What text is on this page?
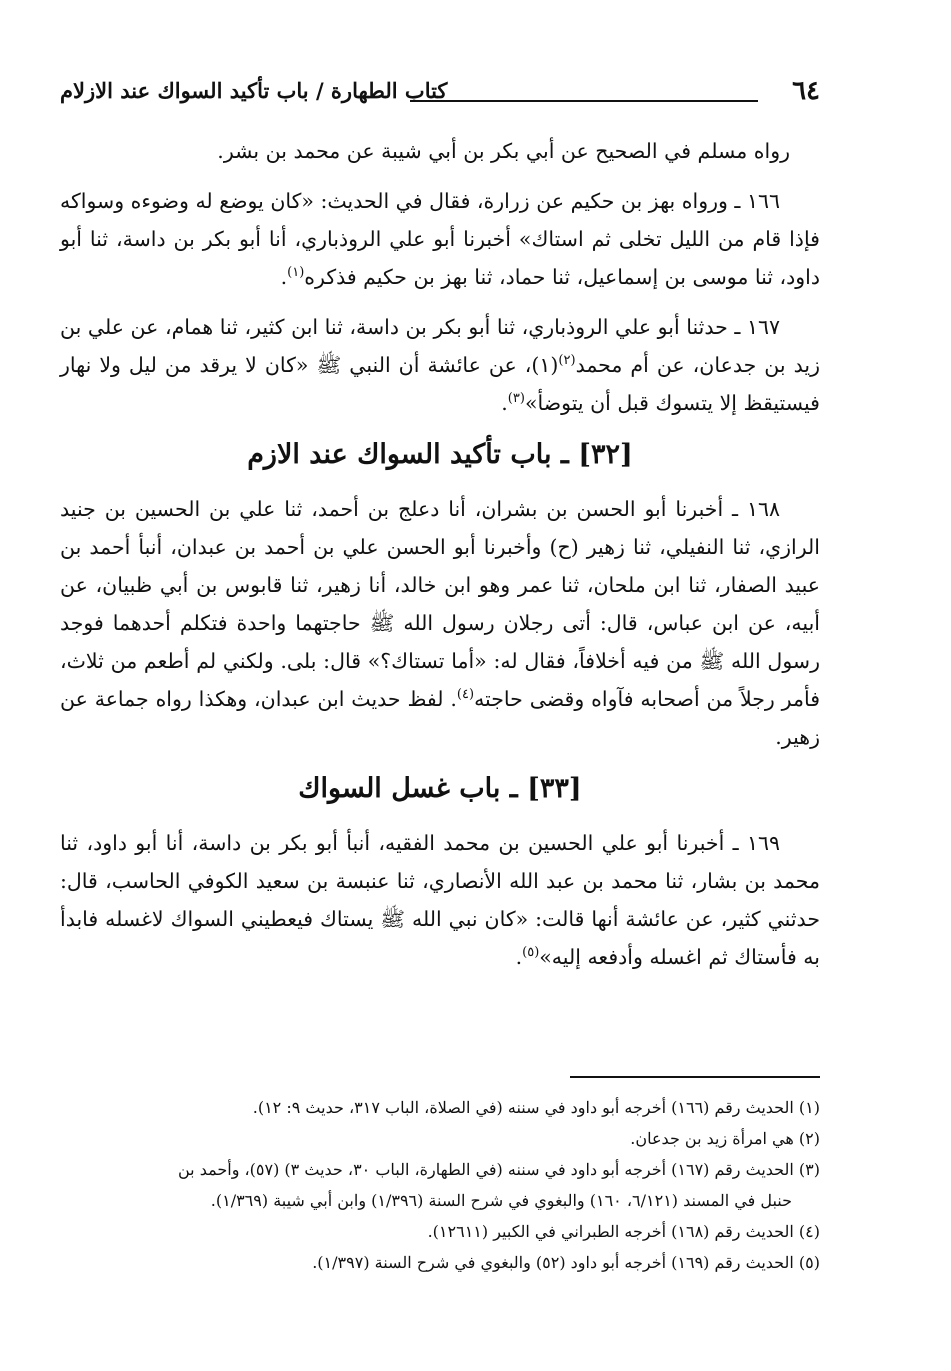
٦٤
كتاب الطهارة / باب تأكيد السواك عند الازلام

رواه مسلم في الصحيح عن أبي بكر بن أبي شيبة عن محمد بن بشر.

١٦٦ ـ ورواه بهز بن حكيم عن زرارة، فقال في الحديث: «كان يوضع له وضوءه وسواكه فإذا قام من الليل تخلى ثم استاك» أخبرنا أبو علي الروذباري، أنا أبو بكر بن داسة، ثنا أبو داود، ثنا موسى بن إسماعيل، ثنا حماد، ثنا بهز بن حكيم فذكره$^{(١)}$.

١٦٧ ـ حدثنا أبو علي الروذباري، ثنا أبو بكر بن داسة، ثنا ابن كثير، ثنا همام، عن علي بن زيد بن جدعان، عن أم محمد$^{(٢)}$(١)، عن عائشة أن النبي ﷺ «كان لا يرقد من ليل ولا نهار فيستيقظ إلا يتسوك قبل أن يتوضأ»$^{(٣)}$.

[٣٢] ـ باب تأكيد السواك عند الازم

١٦٨ ـ أخبرنا أبو الحسن بن بشران، أنا دعلج بن أحمد، ثنا علي بن الحسين بن جنيد الرازي، ثنا النفيلي، ثنا زهير (ح) وأخبرنا أبو الحسن علي بن أحمد بن عبدان، أنبأ أحمد بن عبيد الصفار، ثنا ابن ملحان، ثنا عمر وهو ابن خالد، أنا زهير، ثنا قابوس بن أبي ظبيان، عن أبيه، عن ابن عباس، قال: أتى رجلان رسول الله ﷺ حاجتهما واحدة فتكلم أحدهما فوجد رسول الله ﷺ من فيه أخلافاً، فقال له: «أما تستاك؟» قال: بلى. ولكني لم أطعم من ثلاث، فأمر رجلاً من أصحابه فآواه وقضى حاجته$^{(٤)}$. لفظ حديث ابن عبدان، وهكذا رواه جماعة عن زهير.

[٣٣] ـ باب غسل السواك

١٦٩ ـ أخبرنا أبو علي الحسين بن محمد الفقيه، أنبأ أبو بكر بن داسة، أنا أبو داود، ثنا محمد بن بشار، ثنا محمد بن عبد الله الأنصاري، ثنا عنبسة بن سعيد الكوفي الحاسب، قال: حدثني كثير، عن عائشة أنها قالت: «كان نبي الله ﷺ يستاك فيعطيني السواك لاغسله فابدأ به فأستاك ثم اغسله وأدفعه إليه»$^{(٥)}$.

(١) الحديث رقم (١٦٦) أخرجه أبو داود في سننه (في الصلاة، الباب ٣١٧، حديث ٩: ١٢).

(٢) هي امرأة زيد بن جدعان.

(٣) الحديث رقم (١٦٧) أخرجه أبو داود في سننه (في الطهارة، الباب ٣٠، حديث ٣) (٥٧)، وأحمد بن

حنبل في المسند (٦/١٢١، ١٦٠) والبغوي في شرح السنة (١/٣٩٦) وابن أبي شيبة (١/٣٦٩).

(٤) الحديث رقم (١٦٨) أخرجه الطبراني في الكبير (١٢٦١١).

(٥) الحديث رقم (١٦٩) أخرجه أبو داود (٥٢) والبغوي في شرح السنة (١/٣٩٧).
